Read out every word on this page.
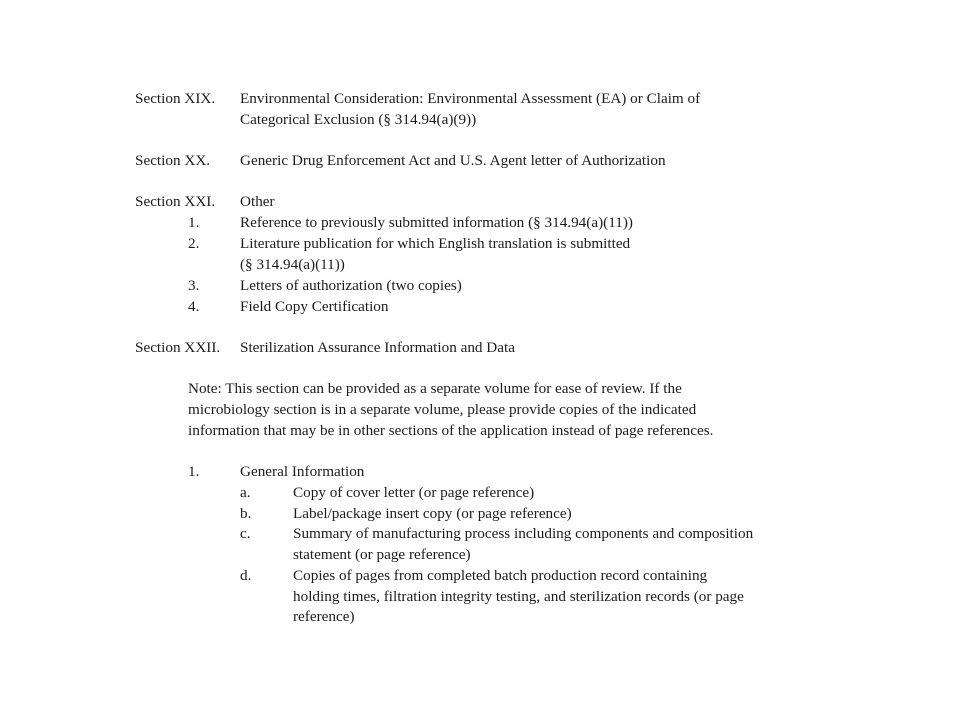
Section XIX. Environmental Consideration: Environmental Assessment (EA) or Claim of

Categorical Exclusion (§ 314.94(a)(9))

Section XX. Generic Drug Enforcement Act and U.S. Agent letter of Authorization

Section XXI. Other

1.	Reference to previously submitted information (§ 314.94(a)(11))

2.	Literature publication for which English translation is submitted

(§ 314.94(a)(11))

3.	Letters of authorization (two copies)

4.	Field Copy Certification

Section XXII. Sterilization Assurance Information and Data

Note: This section can be provided as a separate volume for ease of review. If the

microbiology section is in a separate volume, please provide copies of the indicated

information that may be in other sections of the application instead of page references.

1.	General Information

a.	Copy of cover letter (or page reference)

b.	Label/package insert copy (or page reference)

c.	Summary of manufacturing process including components and composition

statement (or page reference)

d.	Copies of pages from completed batch production record containing

holding times, filtration integrity testing, and sterilization records (or page

reference)
